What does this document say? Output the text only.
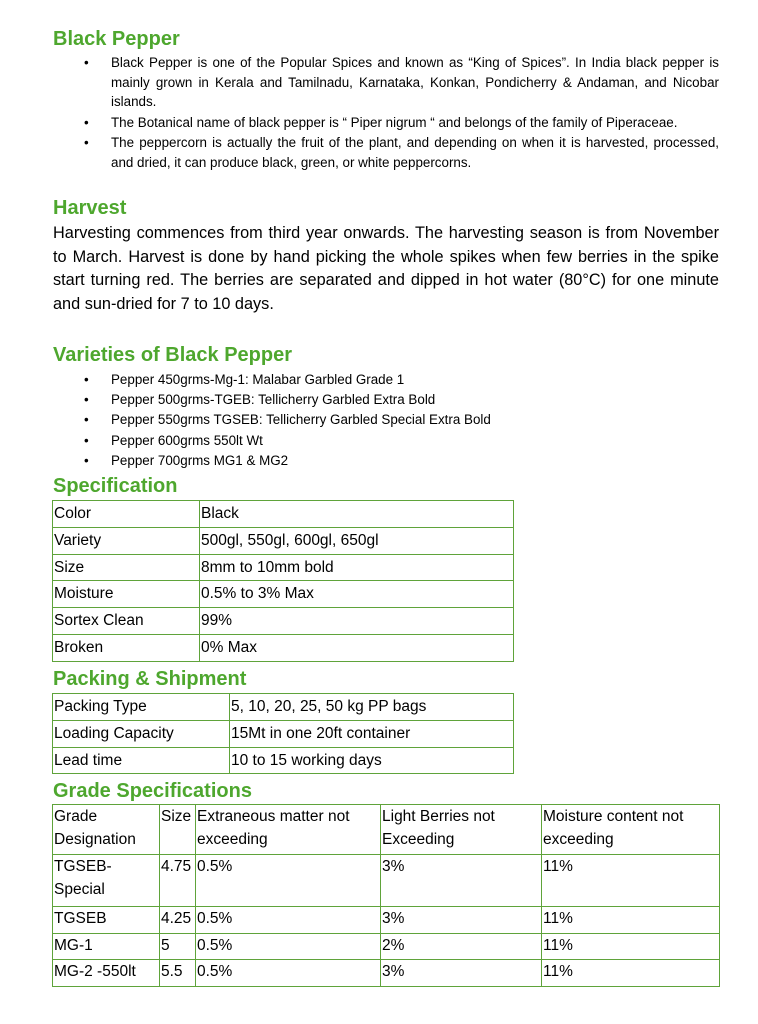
Black Pepper
• Black Pepper is one of the Popular Spices and known as “King of Spices”. In India black pepper is mainly grown in Kerala and Tamilnadu, Karnataka, Konkan, Pondicherry & Andaman, and Nicobar islands.
• The Botanical name of black pepper is “ Piper nigrum “ and belongs of the family of Piperaceae.
• The peppercorn is actually the fruit of the plant, and depending on when it is harvested, processed, and dried, it can produce black, green, or white peppercorns.
Harvest

Harvesting commences from third year onwards. The harvesting season is from November to March. Harvest is done by hand picking the whole spikes when few berries in the spike start turning red. The berries are separated and dipped in hot water (80°C) for one minute and sun-dried for 7 to 10 days.

Varieties of Black Pepper
• Pepper 450grms-Mg-1: Malabar Garbled Grade 1
• Pepper 500grms-TGEB: Tellicherry Garbled Extra Bold
• Pepper 550grms TGSEB: Tellicherry Garbled Special Extra Bold
• Pepper 600grms 550lt Wt
• Pepper 700grms MG1 & MG2
Specification
Color	Black
Variety	500gl, 550gl, 600gl, 650gl
Size	8mm to 10mm bold
Moisture	0.5% to 3% Max
Sortex Clean	99%
Broken	0% Max
Packing & Shipment
Packing Type	5, 10, 20, 25, 50 kg PP bags
Loading Capacity	15Mt in one 20ft container
Lead time	10 to 15 working days
Grade Specifications
Grade Designation	Size	Extraneous matter not exceeding	Light Berries not Exceeding	Moisture content not exceeding
TGSEB-Special	4.75	0.5%	3%	11%
TGSEB	4.25	0.5%	3%	11%
MG-1	5	0.5%	2%	11%
MG-2 -550lt	5.5	0.5%	3%	11%
